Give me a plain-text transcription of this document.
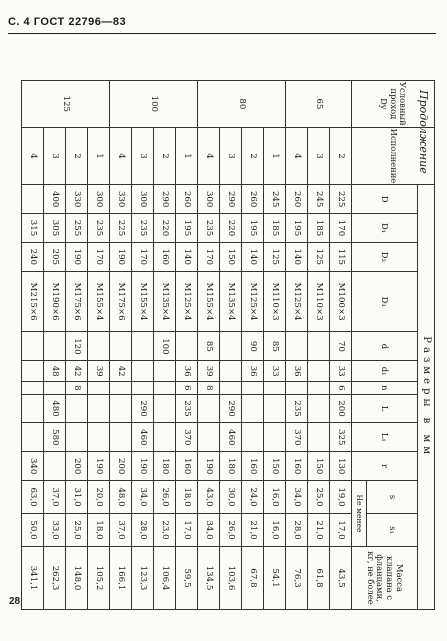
С. 4 ГОСТ 22796—83
Продолжение
28
Условный проход Dy	Исполнение	Размеры в мм												
		D	D₁	D₂	D₃	d	d₁	n	L	L₁	r	s	s₁	Масса клапана с фланцами, кг, не более
												Не менее		
65	2	225	170	115	М100×3	70	33	6	200	325	130	19,0	17,0	43,5
	3	245	185	125	М110×3						150	25,0	21,0	61,8
	4	260	195	140	М125×4		36		235	370	160	34,0	28,0	76,3
80	1	245	185	125	М110×3	85	33				150	16,0	16,0	54,1
	2	260	195	140	М125×4	90	36				160	24,0	21,0	67,8
	3	290	220	150	М135×4				290	460	180	30,0	26,0	103,6
	4	300	235	170	М155×4	85	39	8			190	43,0	34,0	134,5
100	1	260	195	140	М125×4		36	6	235	370	160	18,0	17,0	59,5
	2	290	220	160	М135×4	100					180	26,0	23,0	106,4
	3	300	235	170	М155×4				290	460	190	34,0	28,0	123,3
	4	330	225	190	М175×6		42				200	48,0	37,0	166,1
125	1	300	235	170	М155×4		39				190	20,0	18,0	105,2
	2	330	255	190	М175×6	120	42	8			200	31,0	25,0	148,0
	3	400	305	205	М190×6		48		480	580		37,0	33,0	262,3
	4		315	240	М215×6						340	63,0	50,0	341,1
